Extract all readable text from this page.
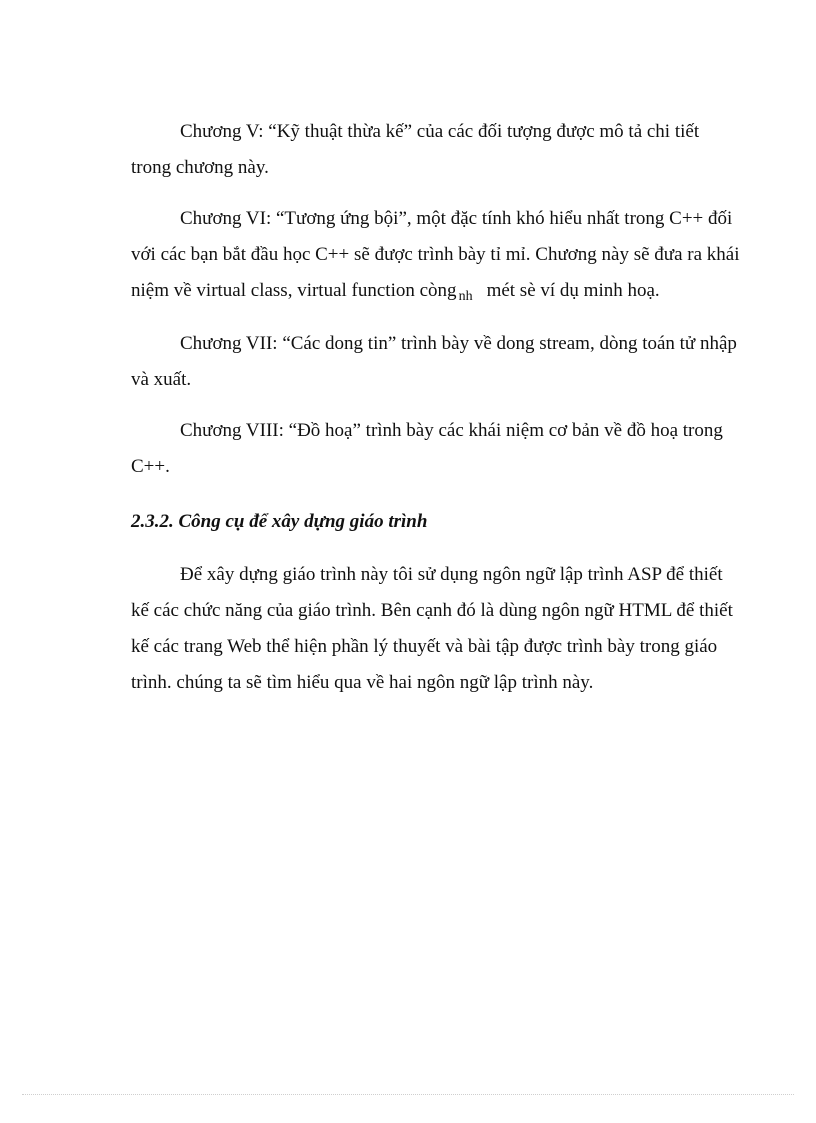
Chương V: “Kỹ thuật thừa kế” của các đối tượng được mô tả chi tiết trong chương này.

Chương VI: “Tương ứng bội”, một đặc tính khó hiểu nhất trong C++ đối với các bạn bắt đầu học C++ sẽ được trình bày tỉ mỉ. Chương này sẽ đưa ra khái niệm về virtual class, virtual function còng $_{nh}$ mét sè ví dụ minh hoạ.

Chương VII: “Các dong tin” trình bày về dong stream, dòng toán tử nhập và xuất.

Chương VIII: “Đồ hoạ” trình bày các khái niệm cơ bản về đồ hoạ trong C++.

2.3.2. Công cụ để xây dựng giáo trình

Để xây dựng giáo trình này tôi sử dụng ngôn ngữ lập trình ASP để thiết kế các chức năng của giáo trình. Bên cạnh đó là dùng ngôn ngữ HTML để thiết kế các trang Web thể hiện phần lý thuyết và bài tập được trình bày trong giáo trình. chúng ta sẽ tìm hiểu qua về hai ngôn ngữ lập trình này.
